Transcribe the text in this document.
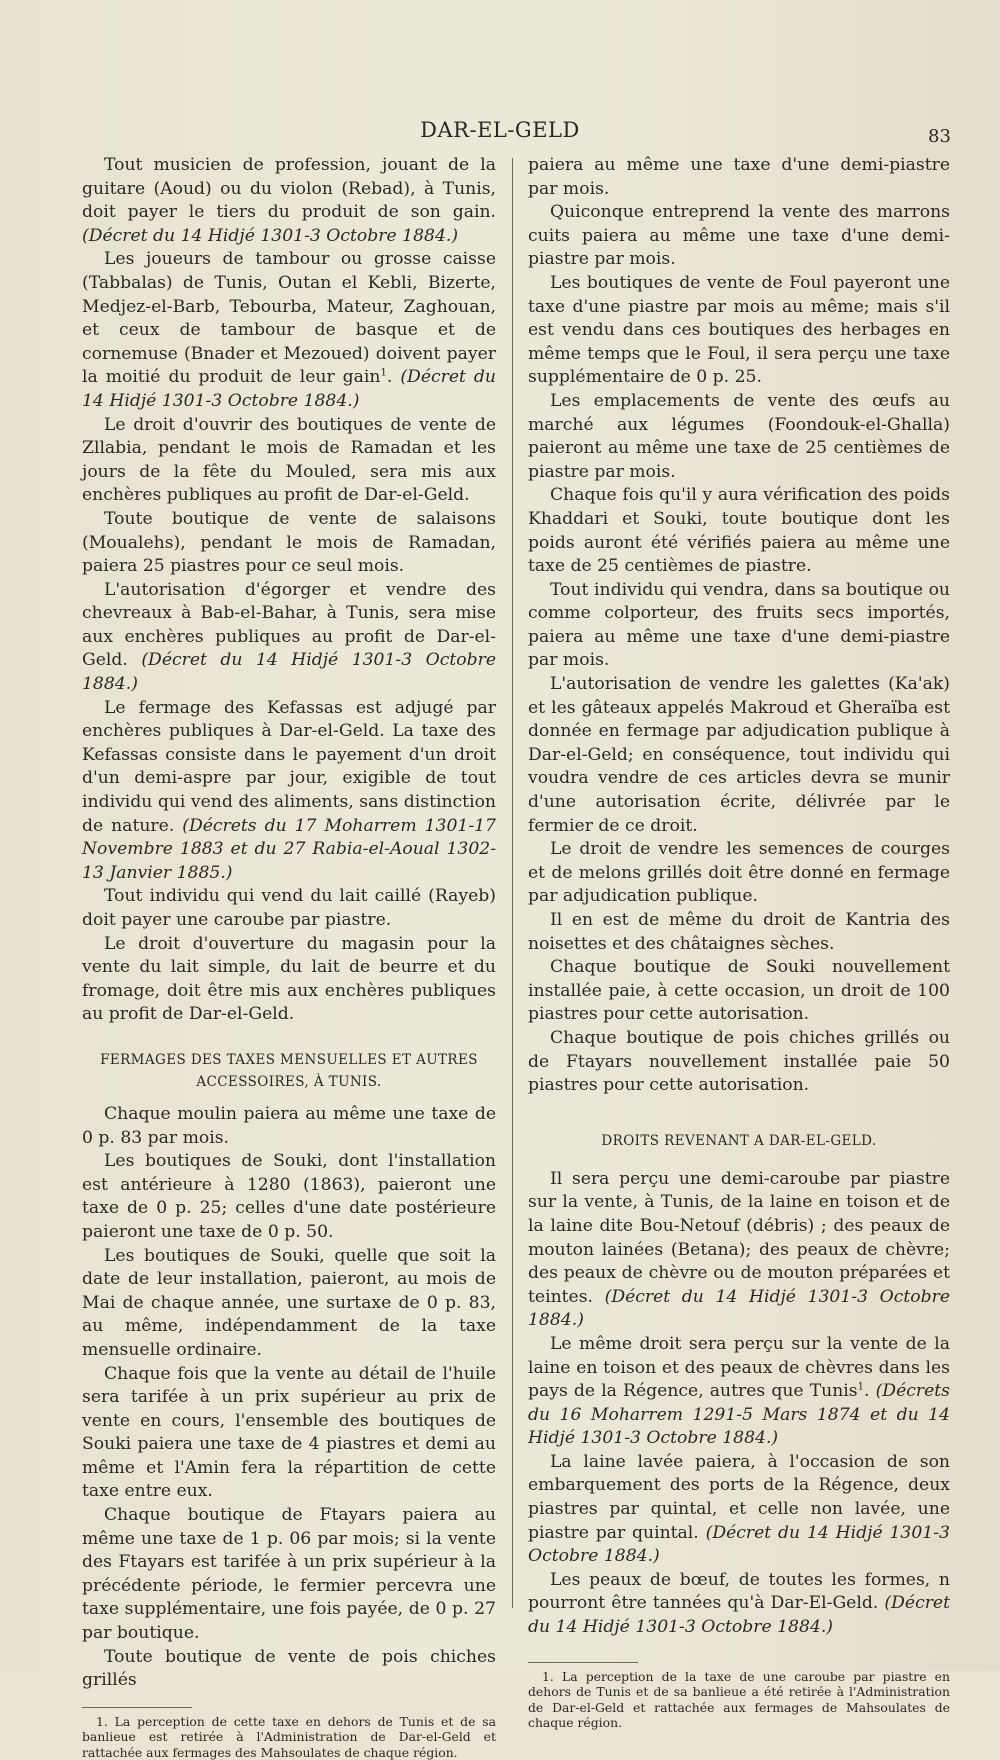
DAR-EL-GELD	83

Tout musicien de profession, jouant de la guitare (Aoud) ou du violon (Rebad), à Tunis, doit payer le tiers du produit de son gain. (Décret du 14 Hidjé 1301-3 Octobre 1884.)

Les joueurs de tambour ou grosse caisse (Tabbalas) de Tunis, Outan el Kebli, Bizerte, Medjez-el-Barb, Tebourba, Mateur, Zaghouan, et ceux de tambour de basque et de cornemuse (Bnader et Mezoued) doivent payer la moitié du produit de leur gain$^1$. (Décret du 14 Hidjé 1301-3 Octobre 1884.)

Le droit d'ouvrir des boutiques de vente de Zllabia, pendant le mois de Ramadan et les jours de la fête du Mouled, sera mis aux enchères publiques au profit de Dar-el-Geld.

Toute boutique de vente de salaisons (Moualehs), pendant le mois de Ramadan, paiera 25 piastres pour ce seul mois.

L'autorisation d'égorger et vendre des chevreaux à Bab-el-Bahar, à Tunis, sera mise aux enchères publiques au profit de Dar-el-Geld. (Décret du 14 Hidjé 1301-3 Octobre 1884.)

Le fermage des Kefassas est adjugé par enchères publiques à Dar-el-Geld. La taxe des Kefassas consiste dans le payement d'un droit d'un demi-aspre par jour, exigible de tout individu qui vend des aliments, sans distinction de nature. (Décrets du 17 Moharrem 1301-17 Novembre 1883 et du 27 Rabia-el-Aoual 1302-13 Janvier 1885.)

Tout individu qui vend du lait caillé (Rayeb) doit payer une caroube par piastre.

Le droit d'ouverture du magasin pour la vente du lait simple, du lait de beurre et du fromage, doit être mis aux enchères publiques au profit de Dar-el-Geld.

FERMAGES DES TAXES MENSUELLES ET AUTRES ACCESSOIRES, À TUNIS.

Chaque moulin paiera au même une taxe de 0 p. 83 par mois.

Les boutiques de Souki, dont l'installation est antérieure à 1280 (1863), paieront une taxe de 0 p. 25; celles d'une date postérieure paieront une taxe de 0 p. 50.

Les boutiques de Souki, quelle que soit la date de leur installation, paieront, au mois de Mai de chaque année, une surtaxe de 0 p. 83, au même, indépendamment de la taxe mensuelle ordinaire.

Chaque fois que la vente au détail de l'huile sera tarifée à un prix supérieur au prix de vente en cours, l'ensemble des boutiques de Souki paiera une taxe de 4 piastres et demi au même et l'Amin fera la répartition de cette taxe entre eux.

Chaque boutique de Ftayars paiera au même une taxe de 1 p. 06 par mois; si la vente des Ftayars est tarifée à un prix supérieur à la précédente période, le fermier percevra une taxe supplémentaire, une fois payée, de 0 p. 27 par boutique.

Toute boutique de vente de pois chiches grillés

1. La perception de cette taxe en dehors de Tunis et de sa banlieue est retirée à l'Administration de Dar-el-Geld et rattachée aux fermages des Mahsoulates de chaque région.

paiera au même une taxe d'une demi-piastre par mois.

Quiconque entreprend la vente des marrons cuits paiera au même une taxe d'une demi-piastre par mois.

Les boutiques de vente de Foul payeront une taxe d'une piastre par mois au même; mais s'il est vendu dans ces boutiques des herbages en même temps que le Foul, il sera perçu une taxe supplémentaire de 0 p. 25.

Les emplacements de vente des œufs au marché aux légumes (Foondouk-el-Ghalla) paieront au même une taxe de 25 centièmes de piastre par mois.

Chaque fois qu'il y aura vérification des poids Khaddari et Souki, toute boutique dont les poids auront été vérifiés paiera au même une taxe de 25 centièmes de piastre.

Tout individu qui vendra, dans sa boutique ou comme colporteur, des fruits secs importés, paiera au même une taxe d'une demi-piastre par mois.

L'autorisation de vendre les galettes (Ka'ak) et les gâteaux appelés Makroud et Gheraïba est donnée en fermage par adjudication publique à Dar-el-Geld; en conséquence, tout individu qui voudra vendre de ces articles devra se munir d'une autorisation écrite, délivrée par le fermier de ce droit.

Le droit de vendre les semences de courges et de melons grillés doit être donné en fermage par adjudication publique.

Il en est de même du droit de Kantria des noisettes et des châtaignes sèches.

Chaque boutique de Souki nouvellement installée paie, à cette occasion, un droit de 100 piastres pour cette autorisation.

Chaque boutique de pois chiches grillés ou de Ftayars nouvellement installée paie 50 piastres pour cette autorisation.

DROITS REVENANT A DAR-EL-GELD.

Il sera perçu une demi-caroube par piastre sur la vente, à Tunis, de la laine en toison et de la laine dite Bou-Netouf (débris) ; des peaux de mouton lainées (Betana); des peaux de chèvre; des peaux de chèvre ou de mouton préparées et teintes. (Décret du 14 Hidjé 1301-3 Octobre 1884.)

Le même droit sera perçu sur la vente de la laine en toison et des peaux de chèvres dans les pays de la Régence, autres que Tunis$^1$. (Décrets du 16 Moharrem 1291-5 Mars 1874 et du 14 Hidjé 1301-3 Octobre 1884.)

La laine lavée paiera, à l'occasion de son embarquement des ports de la Régence, deux piastres par quintal, et celle non lavée, une piastre par quintal. (Décret du 14 Hidjé 1301-3 Octobre 1884.)

Les peaux de bœuf, de toutes les formes, n pourront être tannées qu'à Dar-El-Geld. (Décret du 14 Hidjé 1301-3 Octobre 1884.)

1. La perception de la taxe de une caroube par piastre en dehors de Tunis et de sa banlieue a été retirée à l'Administration de Dar-el-Geld et rattachée aux fermages de Mahsoulates de chaque région.
